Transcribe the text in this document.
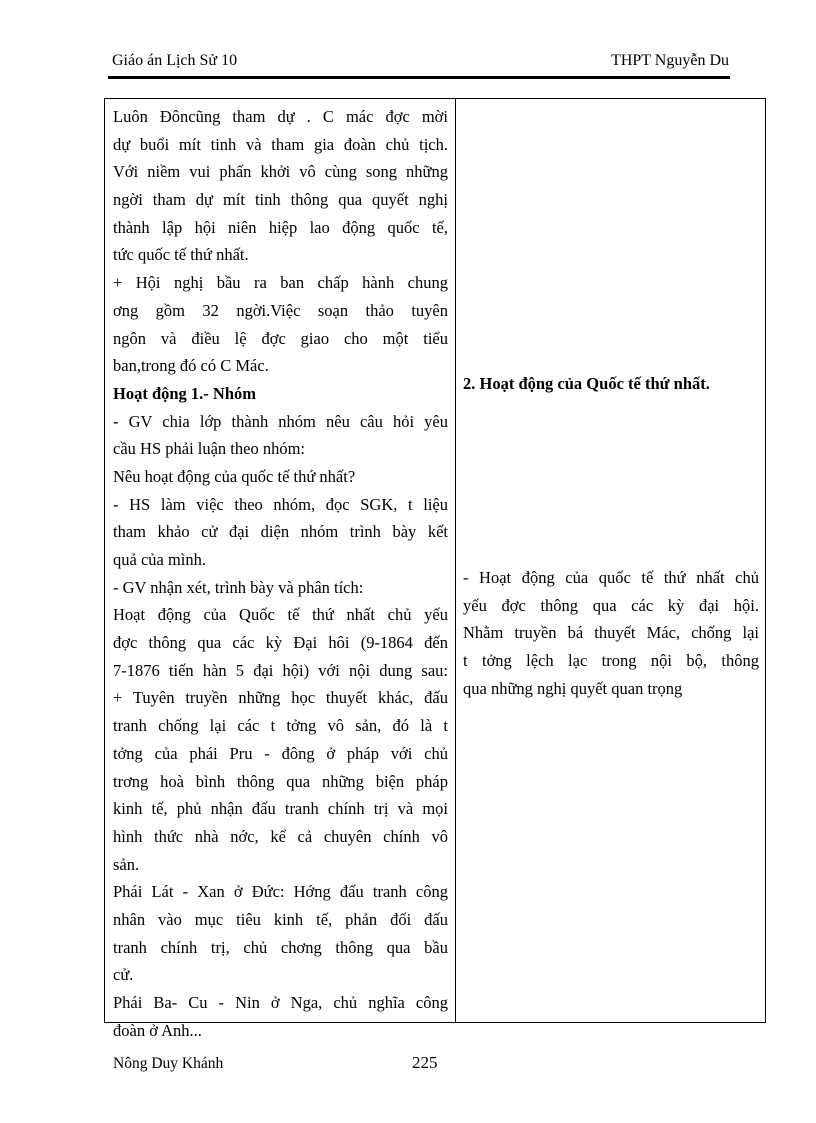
Giáo án Lịch Sử 10	THPT Nguyễn Du
Luôn Đôncũng tham dự . C mác đợc mời
dự buổi mít tinh và tham gia đoàn chủ tịch.
Với niềm vui phấn khởi vô cùng song những
ngời tham dự mít tinh thông qua quyết nghị
thành lập hội niên hiệp lao động quốc tế,
tức quốc tế thứ nhất.
+ Hội nghị bầu ra ban chấp hành chung
ơng gồm 32 ngời.Việc soạn thảo tuyên
ngôn và điều lệ đợc giao cho một tiểu
ban,trong đó có C Mác.
Hoạt động 1.- Nhóm
- GV chia lớp thành nhóm nêu câu hỏi yêu
cầu HS phải luận theo nhóm:
Nêu hoạt động của quốc tế thứ nhất?
- HS làm việc theo nhóm, đọc SGK, t liệu
tham khảo cử đại diện nhóm trình bày kết
quả của mình.
- GV nhận xét, trình bày và phân tích:
Hoạt động của Quốc tế thứ nhất chủ yếu
đợc thông qua các kỳ Đại hôi (9-1864 đến
7-1876 tiến hàn 5 đại hội) với nội dung sau:
+ Tuyên truyền những học thuyết khác, đấu
tranh chống lại các t tởng vô sản, đó là t
tởng của phái Pru - đông ở pháp với chủ
trơng hoà bình thông qua những biện pháp
kinh tế, phủ nhận đấu tranh chính trị và mọi
hình thức nhà nớc, kể cả chuyên chính vô
sản.
Phái Lát - Xan ở Đức: Hớng đấu tranh công
nhân vào mục tiêu kinh tế, phản đối đấu
tranh chính trị, chủ chơng thông qua bầu
cử.
Phái Ba- Cu - Nin ở Nga, chủ nghĩa công
đoàn ở Anh...
2. Hoạt động của Quốc tế thứ nhất.
- Hoạt động của quốc tế thứ nhất chủ
yếu đợc thông qua các kỳ đại hội.
Nhằm truyền bá thuyết Mác, chống lại
t tởng lệch lạc trong nội bộ, thông
qua những nghị quyết quan trọng
Nông Duy Khánh	225
